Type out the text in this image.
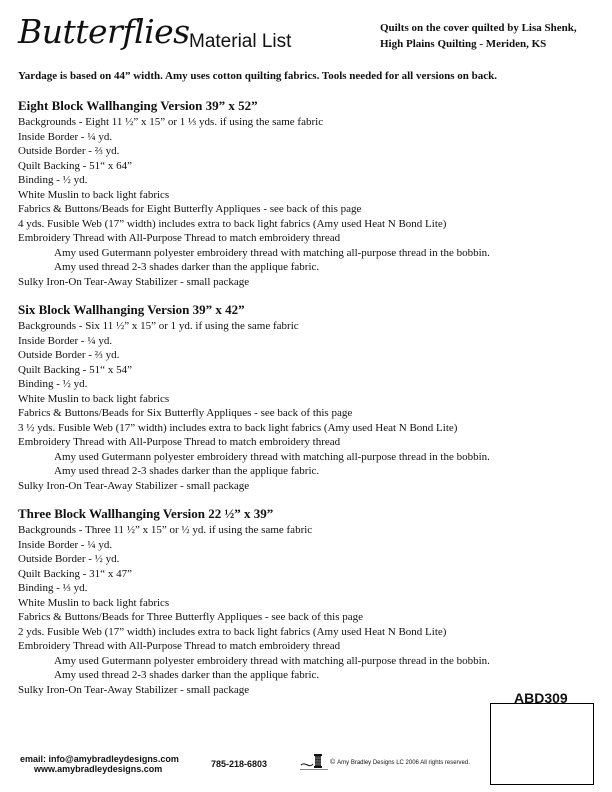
Butterflies Material List
Quilts on the cover quilted by Lisa Shenk,
High Plains Quilting - Meriden, KS
Yardage is based on 44” width. Amy uses cotton quilting fabrics. Tools needed for all versions on back.
Eight Block Wallhanging Version 39” x 52”
Backgrounds - Eight 11 ½” x 15” or 1 ⅓ yds. if using the same fabric
Inside Border - ¼ yd.
Outside Border - ⅔ yd.
Quilt Backing - 51“ x 64”
Binding - ½ yd.
White Muslin to back light fabrics
Fabrics & Buttons/Beads for Eight Butterfly Appliques - see back of this page
4 yds. Fusible Web (17” width) includes extra to back light fabrics (Amy used Heat N Bond Lite)
Embroidery Thread with All-Purpose Thread to match embroidery thread
Amy used Gutermann polyester embroidery thread with matching all-purpose thread in the bobbin.
Amy used thread 2-3 shades darker than the applique fabric.
Sulky Iron-On Tear-Away Stabilizer - small package
Six Block Wallhanging Version 39” x 42”
Backgrounds - Six 11 ½” x 15” or 1 yd. if using the same fabric
Inside Border - ¼ yd.
Outside Border - ⅔ yd.
Quilt Backing - 51“ x 54”
Binding - ½ yd.
White Muslin to back light fabrics
Fabrics & Buttons/Beads for Six Butterfly Appliques - see back of this page
3 ½ yds. Fusible Web (17” width) includes extra to back light fabrics (Amy used Heat N Bond Lite)
Embroidery Thread with All-Purpose Thread to match embroidery thread
Amy used Gutermann polyester embroidery thread with matching all-purpose thread in the bobbin.
Amy used thread 2-3 shades darker than the applique fabric.
Sulky Iron-On Tear-Away Stabilizer - small package
Three Block Wallhanging Version 22 ½” x 39”
Backgrounds - Three 11 ½” x 15” or ½ yd. if using the same fabric
Inside Border - ¼ yd.
Outside Border - ½ yd.
Quilt Backing - 31“ x 47”
Binding - ⅓ yd.
White Muslin to back light fabrics
Fabrics & Buttons/Beads for Three Butterfly Appliques - see back of this page
2 yds. Fusible Web (17” width) includes extra to back light fabrics (Amy used Heat N Bond Lite)
Embroidery Thread with All-Purpose Thread to match embroidery thread
Amy used Gutermann polyester embroidery thread with matching all-purpose thread in the bobbin.
Amy used thread 2-3 shades darker than the applique fabric.
Sulky Iron-On Tear-Away Stabilizer - small package	ABD309
email: info@amybradleydesigns.com
www.amybradleydesigns.com	785-218-6803	© Amy Bradley Designs LC 2006 All rights reserved.
